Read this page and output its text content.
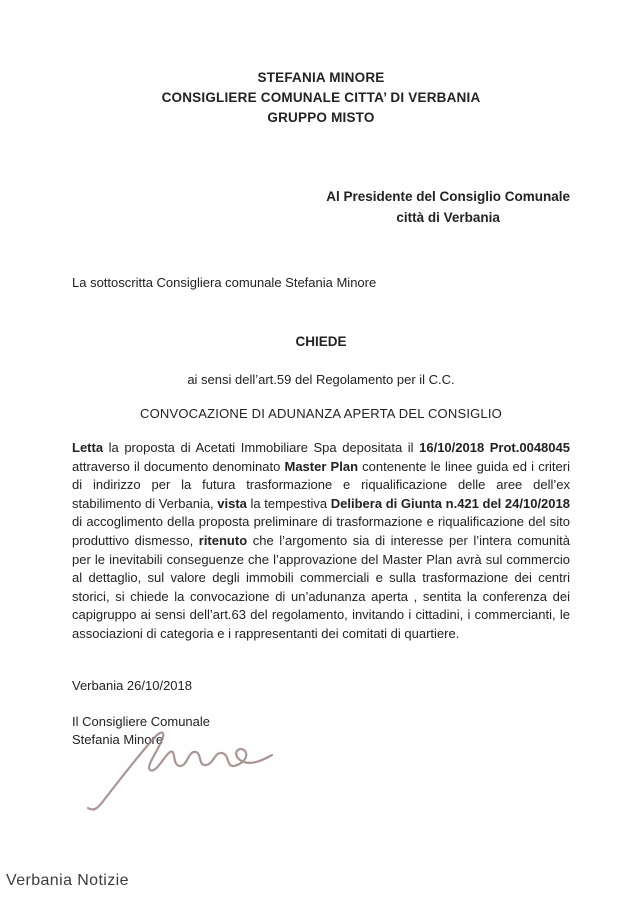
STEFANIA MINORE
CONSIGLIERE COMUNALE CITTA’ DI VERBANIA
GRUPPO MISTO
Al Presidente del Consiglio Comunale
città di Verbania
La sottoscritta Consigliera comunale Stefania Minore
CHIEDE
ai sensi dell’art.59 del Regolamento per il C.C.
CONVOCAZIONE DI ADUNANZA APERTA DEL CONSIGLIO
Letta la proposta di Acetati Immobiliare Spa depositata il 16/10/2018 Prot.0048045 attraverso il documento denominato Master Plan contenente le linee guida ed i criteri di indirizzo per la futura trasformazione e riqualificazione delle aree dell’ex stabilimento di Verbania, vista la tempestiva Delibera di Giunta n.421 del 24/10/2018 di accoglimento della proposta preliminare di trasformazione e riqualificazione del sito produttivo dismesso, ritenuto che l’argomento sia di interesse per l’intera comunità per le inevitabili conseguenze che l’approvazione del Master Plan avrà sul commercio al dettaglio, sul valore degli immobili commerciali e sulla trasformazione dei centri storici, si chiede la convocazione di un’adunanza aperta , sentita la conferenza dei capigruppo ai sensi dell’art.63 del regolamento, invitando i cittadini, i commercianti, le associazioni di categoria e i rappresentanti dei comitati di quartiere.
Verbania 26/10/2018
Il Consigliere Comunale
Stefania Minore
Verbania Notizie
